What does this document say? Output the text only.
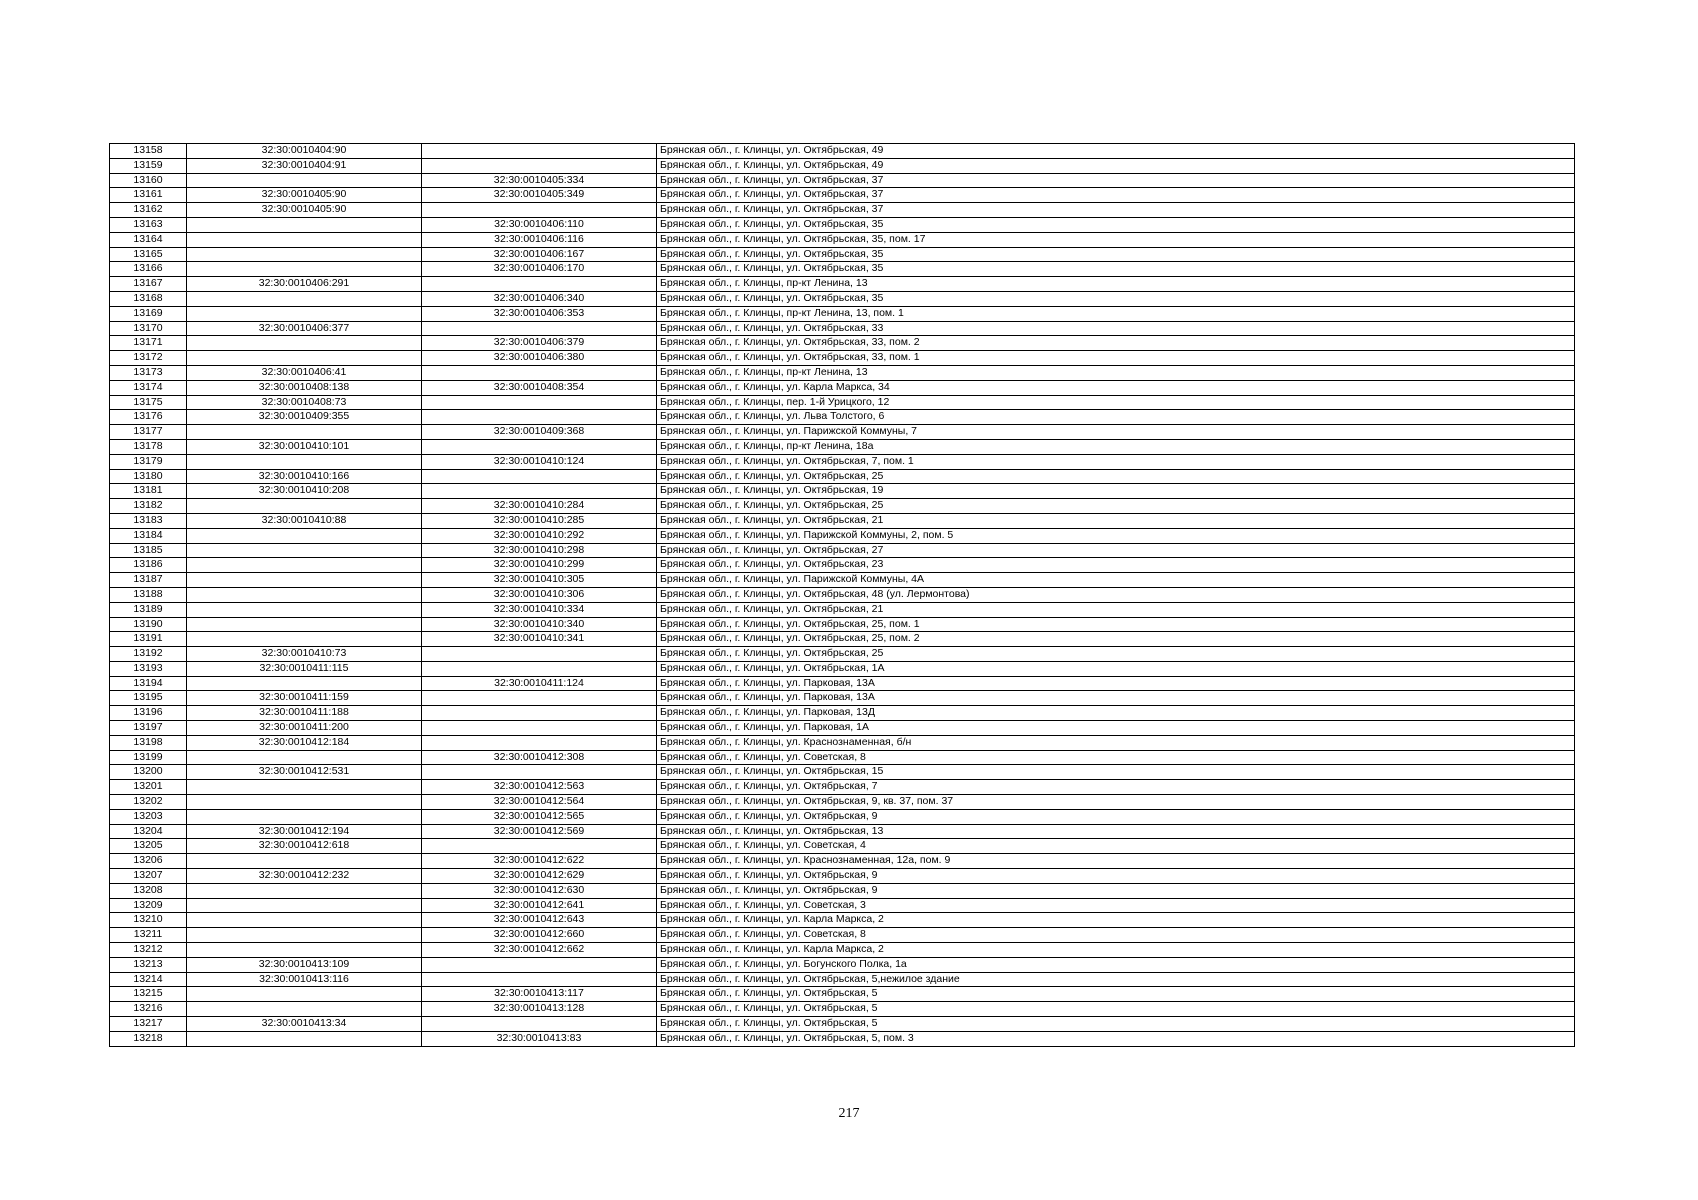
13158	32:30:0010404:90		Брянская обл., г. Клинцы, ул. Октябрьская, 49
13159	32:30:0010404:91		Брянская обл., г. Клинцы, ул. Октябрьская, 49
13160		32:30:0010405:334	Брянская обл., г. Клинцы, ул. Октябрьская, 37
13161	32:30:0010405:90	32:30:0010405:349	Брянская обл., г. Клинцы, ул. Октябрьская, 37
13162	32:30:0010405:90		Брянская обл., г. Клинцы, ул. Октябрьская, 37
13163		32:30:0010406:110	Брянская обл., г. Клинцы, ул. Октябрьская, 35
13164		32:30:0010406:116	Брянская обл., г. Клинцы, ул. Октябрьская, 35, пом. 17
13165		32:30:0010406:167	Брянская обл., г. Клинцы, ул. Октябрьская, 35
13166		32:30:0010406:170	Брянская обл., г. Клинцы, ул. Октябрьская, 35
13167	32:30:0010406:291		Брянская обл., г. Клинцы, пр-кт Ленина, 13
13168		32:30:0010406:340	Брянская обл., г. Клинцы, ул. Октябрьская, 35
13169		32:30:0010406:353	Брянская обл., г. Клинцы, пр-кт Ленина, 13, пом. 1
13170	32:30:0010406:377		Брянская обл., г. Клинцы, ул. Октябрьская, 33
13171		32:30:0010406:379	Брянская обл., г. Клинцы, ул. Октябрьская, 33, пом. 2
13172		32:30:0010406:380	Брянская обл., г. Клинцы, ул. Октябрьская, 33, пом. 1
13173	32:30:0010406:41		Брянская обл., г. Клинцы, пр-кт Ленина, 13
13174	32:30:0010408:138	32:30:0010408:354	Брянская обл., г. Клинцы, ул. Карла Маркса, 34
13175	32:30:0010408:73		Брянская обл., г. Клинцы, пер. 1-й Урицкого, 12
13176	32:30:0010409:355		Брянская обл., г. Клинцы, ул. Льва Толстого, 6
13177		32:30:0010409:368	Брянская обл., г. Клинцы, ул. Парижской Коммуны, 7
13178	32:30:0010410:101		Брянская обл., г. Клинцы, пр-кт Ленина, 18а
13179		32:30:0010410:124	Брянская обл., г. Клинцы, ул. Октябрьская, 7, пом. 1
13180	32:30:0010410:166		Брянская обл., г. Клинцы, ул. Октябрьская, 25
13181	32:30:0010410:208		Брянская обл., г. Клинцы, ул. Октябрьская, 19
13182		32:30:0010410:284	Брянская обл., г. Клинцы, ул. Октябрьская, 25
13183	32:30:0010410:88	32:30:0010410:285	Брянская обл., г. Клинцы, ул. Октябрьская, 21
13184		32:30:0010410:292	Брянская обл., г. Клинцы, ул. Парижской Коммуны, 2, пом. 5
13185		32:30:0010410:298	Брянская обл., г. Клинцы, ул. Октябрьская, 27
13186		32:30:0010410:299	Брянская обл., г. Клинцы, ул. Октябрьская, 23
13187		32:30:0010410:305	Брянская обл., г. Клинцы, ул. Парижской Коммуны, 4А
13188		32:30:0010410:306	Брянская обл., г. Клинцы, ул. Октябрьская, 48 (ул. Лермонтова)
13189		32:30:0010410:334	Брянская обл., г. Клинцы, ул. Октябрьская, 21
13190		32:30:0010410:340	Брянская обл., г. Клинцы, ул. Октябрьская, 25, пом. 1
13191		32:30:0010410:341	Брянская обл., г. Клинцы, ул. Октябрьская, 25, пом. 2
13192	32:30:0010410:73		Брянская обл., г. Клинцы, ул. Октябрьская, 25
13193	32:30:0010411:115		Брянская обл., г. Клинцы, ул. Октябрьская, 1А
13194		32:30:0010411:124	Брянская обл., г. Клинцы, ул. Парковая, 13А
13195	32:30:0010411:159		Брянская обл., г. Клинцы, ул. Парковая, 13А
13196	32:30:0010411:188		Брянская обл., г. Клинцы, ул. Парковая, 13Д
13197	32:30:0010411:200		Брянская обл., г. Клинцы, ул. Парковая, 1А
13198	32:30:0010412:184		Брянская обл., г. Клинцы, ул. Краснознаменная, б/н
13199		32:30:0010412:308	Брянская обл., г. Клинцы, ул. Советская, 8
13200	32:30:0010412:531		Брянская обл., г. Клинцы, ул. Октябрьская, 15
13201		32:30:0010412:563	Брянская обл., г. Клинцы, ул. Октябрьская, 7
13202		32:30:0010412:564	Брянская обл., г. Клинцы, ул. Октябрьская, 9, кв. 37, пом. 37
13203		32:30:0010412:565	Брянская обл., г. Клинцы, ул. Октябрьская, 9
13204	32:30:0010412:194	32:30:0010412:569	Брянская обл., г. Клинцы, ул. Октябрьская, 13
13205	32:30:0010412:618		Брянская обл., г. Клинцы, ул. Советская, 4
13206		32:30:0010412:622	Брянская обл., г. Клинцы, ул. Краснознаменная, 12а, пом. 9
13207	32:30:0010412:232	32:30:0010412:629	Брянская обл., г. Клинцы, ул. Октябрьская, 9
13208		32:30:0010412:630	Брянская обл., г. Клинцы, ул. Октябрьская, 9
13209		32:30:0010412:641	Брянская обл., г. Клинцы, ул. Советская, 3
13210		32:30:0010412:643	Брянская обл., г. Клинцы, ул. Карла Маркса, 2
13211		32:30:0010412:660	Брянская обл., г. Клинцы, ул. Советская, 8
13212		32:30:0010412:662	Брянская обл., г. Клинцы, ул. Карла Маркса, 2
13213	32:30:0010413:109		Брянская обл., г. Клинцы, ул. Богунского Полка, 1а
13214	32:30:0010413:116		Брянская обл., г. Клинцы, ул. Октябрьская, 5,нежилое здание
13215		32:30:0010413:117	Брянская обл., г. Клинцы, ул. Октябрьская, 5
13216		32:30:0010413:128	Брянская обл., г. Клинцы, ул. Октябрьская, 5
13217	32:30:0010413:34		Брянская обл., г. Клинцы, ул. Октябрьская, 5
13218		32:30:0010413:83	Брянская обл., г. Клинцы, ул. Октябрьская, 5, пом. 3
217
